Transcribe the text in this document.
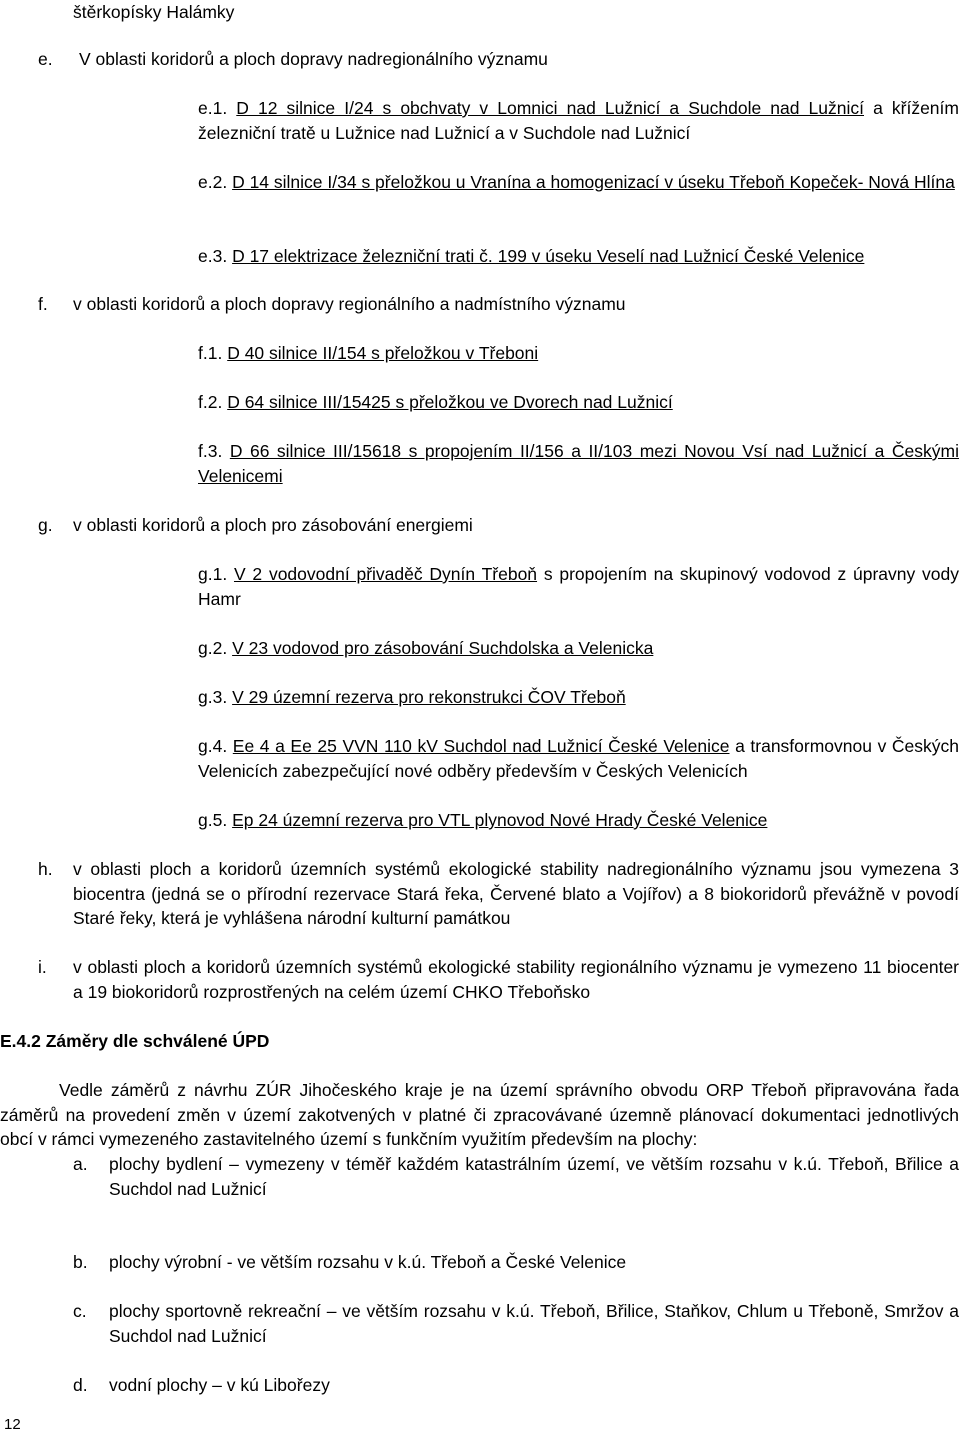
štěrkopísky Halámky
e. V oblasti koridorů a ploch dopravy nadregionálního významu
e.1. D 12 silnice I/24 s obchvaty v Lomnici nad Lužnicí a Suchdole nad Lužnicí a křížením železniční tratě u Lužnice nad Lužnicí a v Suchdole nad Lužnicí
e.2. D 14 silnice I/34 s přeložkou u Vranína a homogenizací v úseku Třeboň Kopeček- Nová Hlína
e.3. D 17 elektrizace železniční trati č. 199 v úseku Veselí nad Lužnicí České Velenice
f. v oblasti koridorů a ploch dopravy regionálního a nadmístního významu
f.1. D 40 silnice II/154 s přeložkou v Třeboni
f.2. D 64 silnice III/15425 s přeložkou ve Dvorech nad Lužnicí
f.3. D 66 silnice III/15618 s propojením II/156 a II/103 mezi Novou Vsí nad Lužnicí a Českými Velenicemi
g. v oblasti koridorů a ploch pro zásobování energiemi
g.1. V 2 vodovodní přivaděč Dynín Třeboň s propojením na skupinový vodovod z úpravny vody Hamr
g.2. V 23 vodovod pro zásobování Suchdolska a Velenicka
g.3. V 29 územní rezerva pro rekonstrukci ČOV Třeboň
g.4. Ee 4 a Ee 25 VVN 110 kV Suchdol nad Lužnicí České Velenice a transformovnou v Českých Velenicích zabezpečující nové odběry především v Českých Velenicích
g.5. Ep 24 územní rezerva pro VTL plynovod Nové Hrady České Velenice
h. v oblasti ploch a koridorů územních systémů ekologické stability nadregionálního významu jsou vymezena 3 biocentra (jedná se o přírodní rezervace Stará řeka, Červené blato a Vojířov) a 8 biokoridorů převážně v povodí Staré řeky, která je vyhlášena národní kulturní památkou
i. v oblasti ploch a koridorů územních systémů ekologické stability regionálního významu je vymezeno 11 biocenter a 19 biokoridorů rozprostřených na celém území CHKO Třeboňsko
E.4.2 Záměry dle schválené ÚPD
Vedle záměrů z návrhu ZÚR Jihočeského kraje je na území správního obvodu ORP Třeboň připravována řada záměrů na provedení změn v území zakotvených v platné či zpracovávané územně plánovací dokumentaci jednotlivých obcí v rámci vymezeného zastavitelného území s funkčním využitím především na plochy:
a. plochy bydlení – vymezeny v téměř každém katastrálním území, ve větším rozsahu v k.ú. Třeboň, Břilice a Suchdol nad Lužnicí
b. plochy výrobní - ve větším rozsahu v k.ú. Třeboň a České Velenice
c. plochy sportovně rekreační – ve větším rozsahu v k.ú. Třeboň, Břilice, Staňkov, Chlum u Třeboně, Smržov a Suchdol nad Lužnicí
d. vodní plochy – v kú Libořezy
12
